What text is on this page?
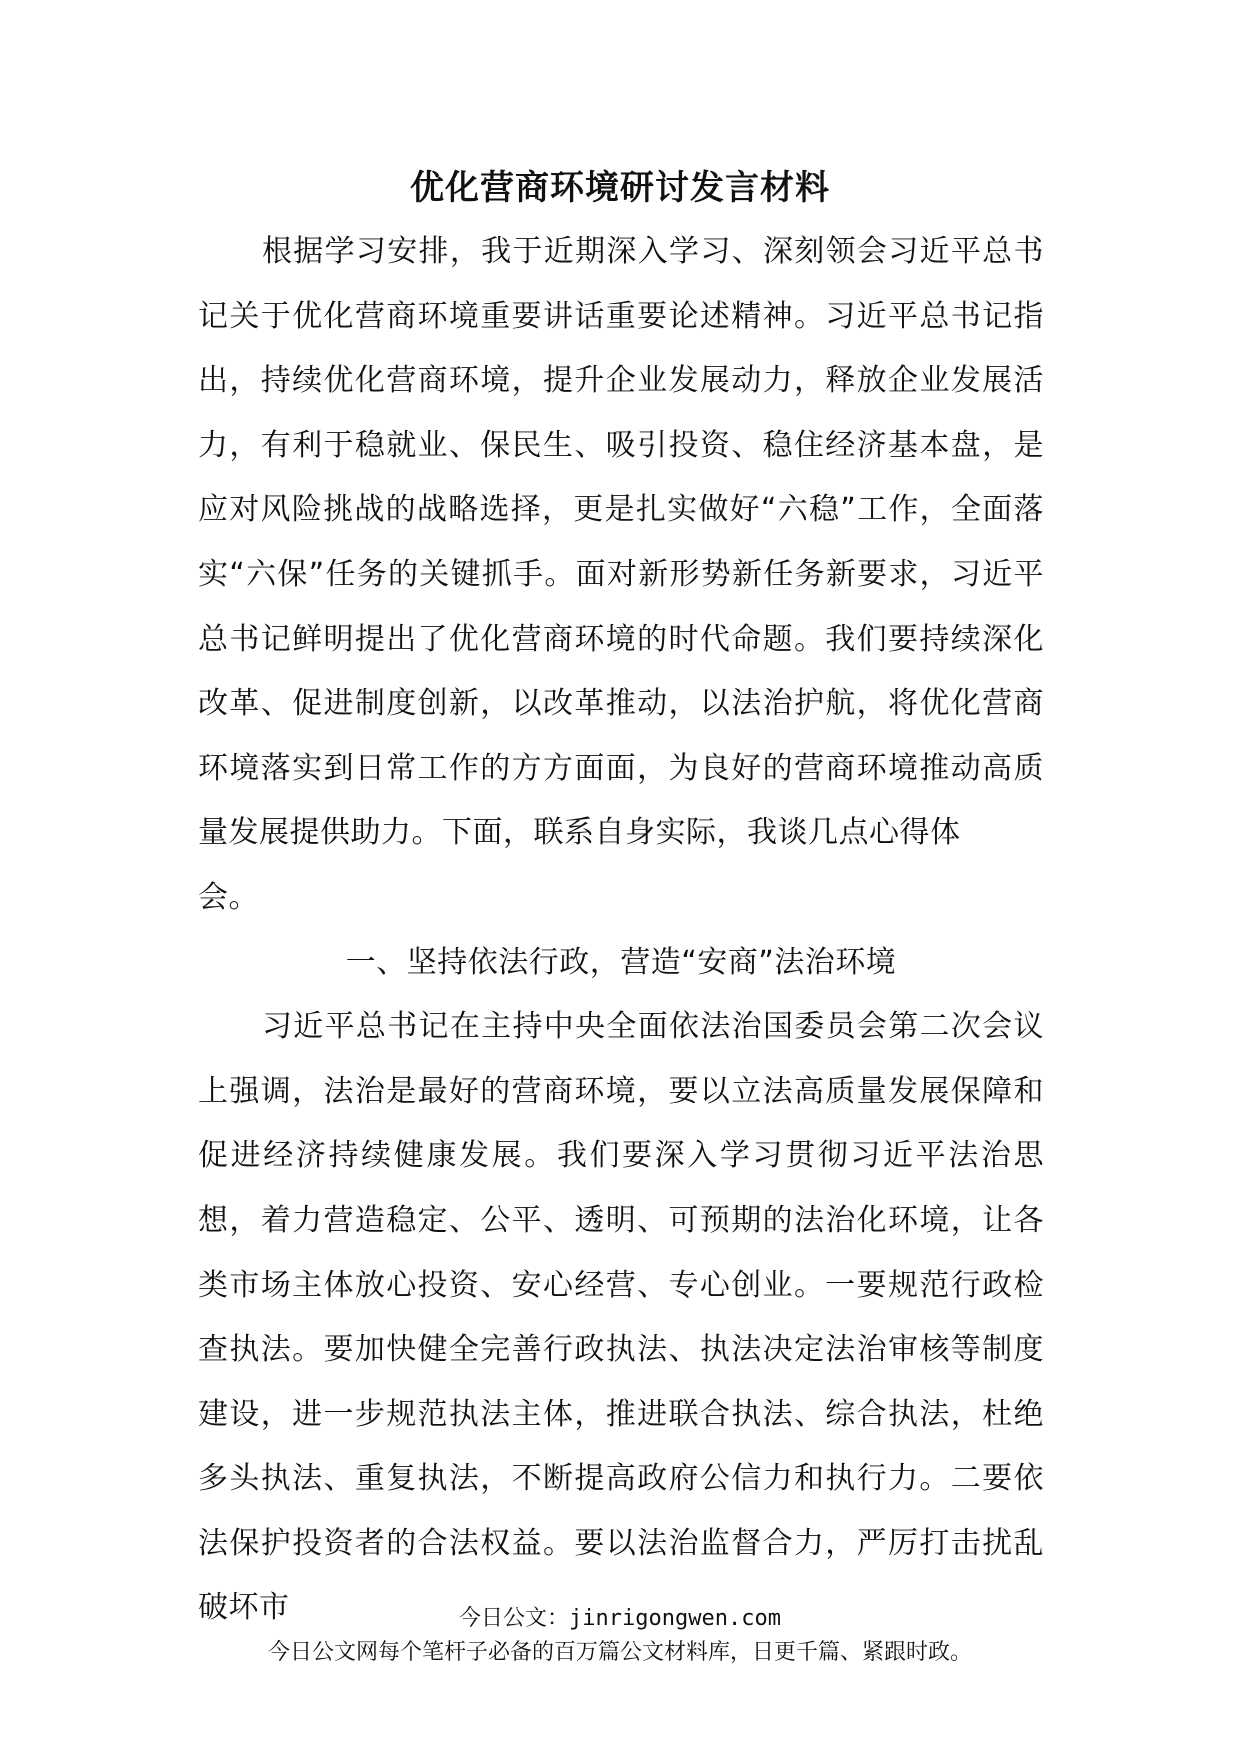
优化营商环境研讨发言材料

根据学习安排，我于近期深入学习、深刻领会习近平总书记关于优化营商环境重要讲话重要论述精神。习近平总书记指出，持续优化营商环境，提升企业发展动力，释放企业发展活力，有利于稳就业、保民生、吸引投资、稳住经济基本盘，是应对风险挑战的战略选择，更是扎实做好“六稳”工作，全面落实“六保”任务的关键抓手。面对新形势新任务新要求，习近平总书记鲜明提出了优化营商环境的时代命题。我们要持续深化改革、促进制度创新，以改革推动，以法治护航，将优化营商环境落实到日常工作的方方面面，为良好的营商环境推动高质量发展提供助力。下面，联系自身实际，我谈几点心得体
会。

一、坚持依法行政，营造“安商”法治环境

习近平总书记在主持中央全面依法治国委员会第二次会议上强调，法治是最好的营商环境，要以立法高质量发展保障和促进经济持续健康发展。我们要深入学习贯彻习近平法治思想，着力营造稳定、公平、透明、可预期的法治化环境，让各类市场主体放心投资、安心经营、专心创业。一要规范行政检查执法。要加快健全完善行政执法、执法决定法治审核等制度建设，进一步规范执法主体，推进联合执法、综合执法，杜绝多头执法、重复执法，不断提高政府公信力和执行力。二要依法保护投资者的合法权益。要以法治监督合力，严厉打击扰乱破坏市	今日公文：jinrigongwen.com
今日公文网每个笔杆子必备的百万篇公文材料库，日更千篇、紧跟时政。
